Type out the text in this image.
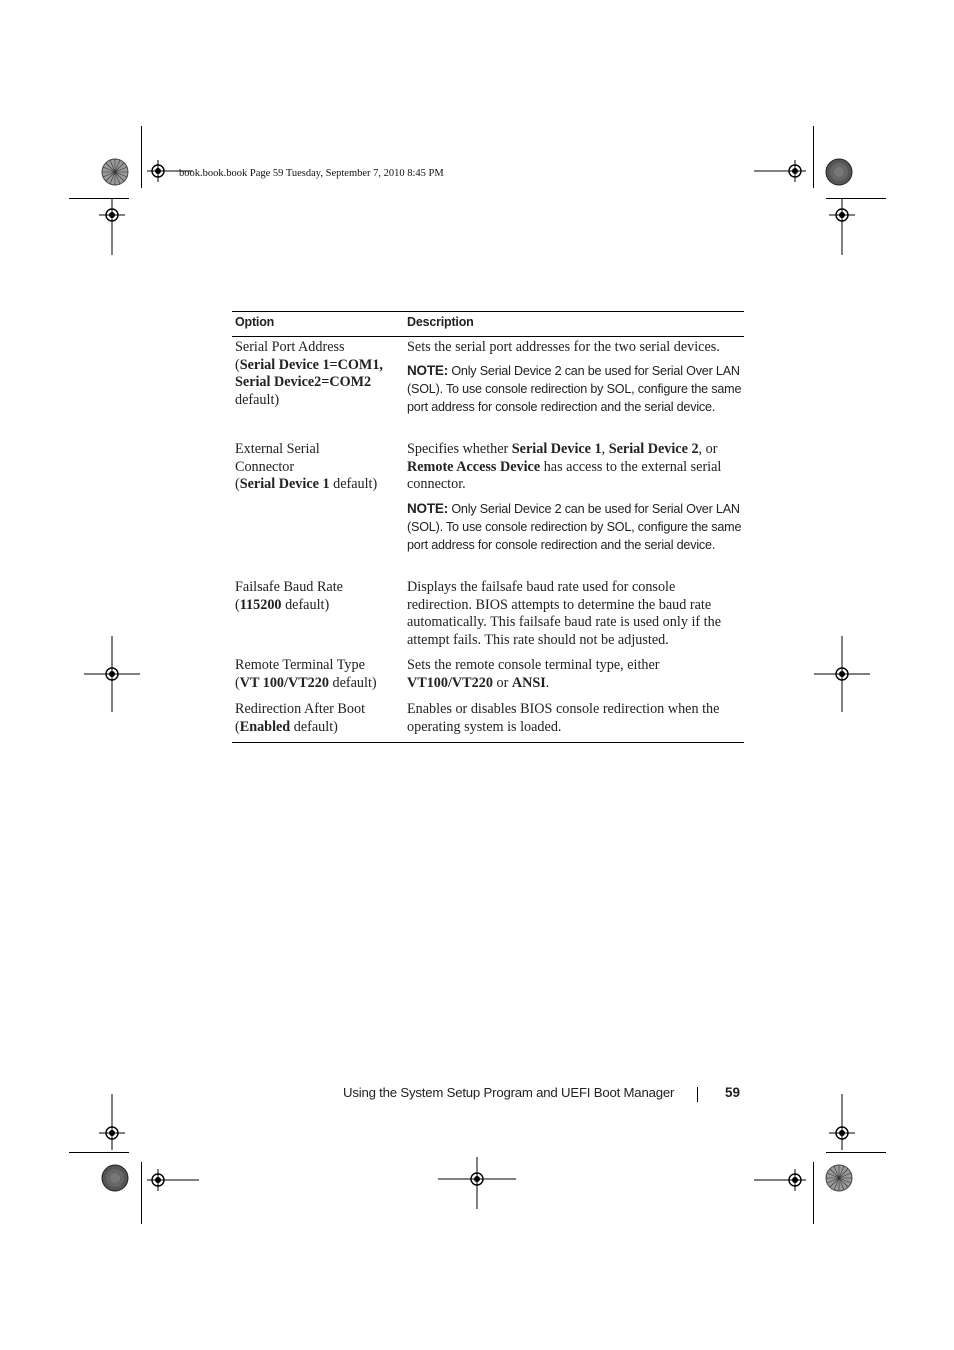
book.book.book Page 59 Tuesday, September 7, 2010 8:45 PM
Option	Description
Serial Port Address
(Serial Device 1=COM1,
Serial Device2=COM2
default)
Sets the serial port addresses for the two serial devices.
NOTE: Only Serial Device 2 can be used for Serial Over LAN (SOL). To use console redirection by SOL, configure the same port address for console redirection and the serial device.
External Serial
Connector
(Serial Device 1 default)
Specifies whether Serial Device 1, Serial Device 2, or Remote Access Device has access to the external serial connector.
NOTE: Only Serial Device 2 can be used for Serial Over LAN (SOL). To use console redirection by SOL, configure the same port address for console redirection and the serial device.
Failsafe Baud Rate
(115200 default)
Displays the failsafe baud rate used for console redirection. BIOS attempts to determine the baud rate automatically. This failsafe baud rate is used only if the attempt fails. This rate should not be adjusted.
Remote Terminal Type
(VT 100/VT220 default)
Sets the remote console terminal type, either VT100/VT220 or ANSI.
Redirection After Boot
(Enabled default)
Enables or disables BIOS console redirection when the operating system is loaded.
Using the System Setup Program and UEFI Boot Manager	59
